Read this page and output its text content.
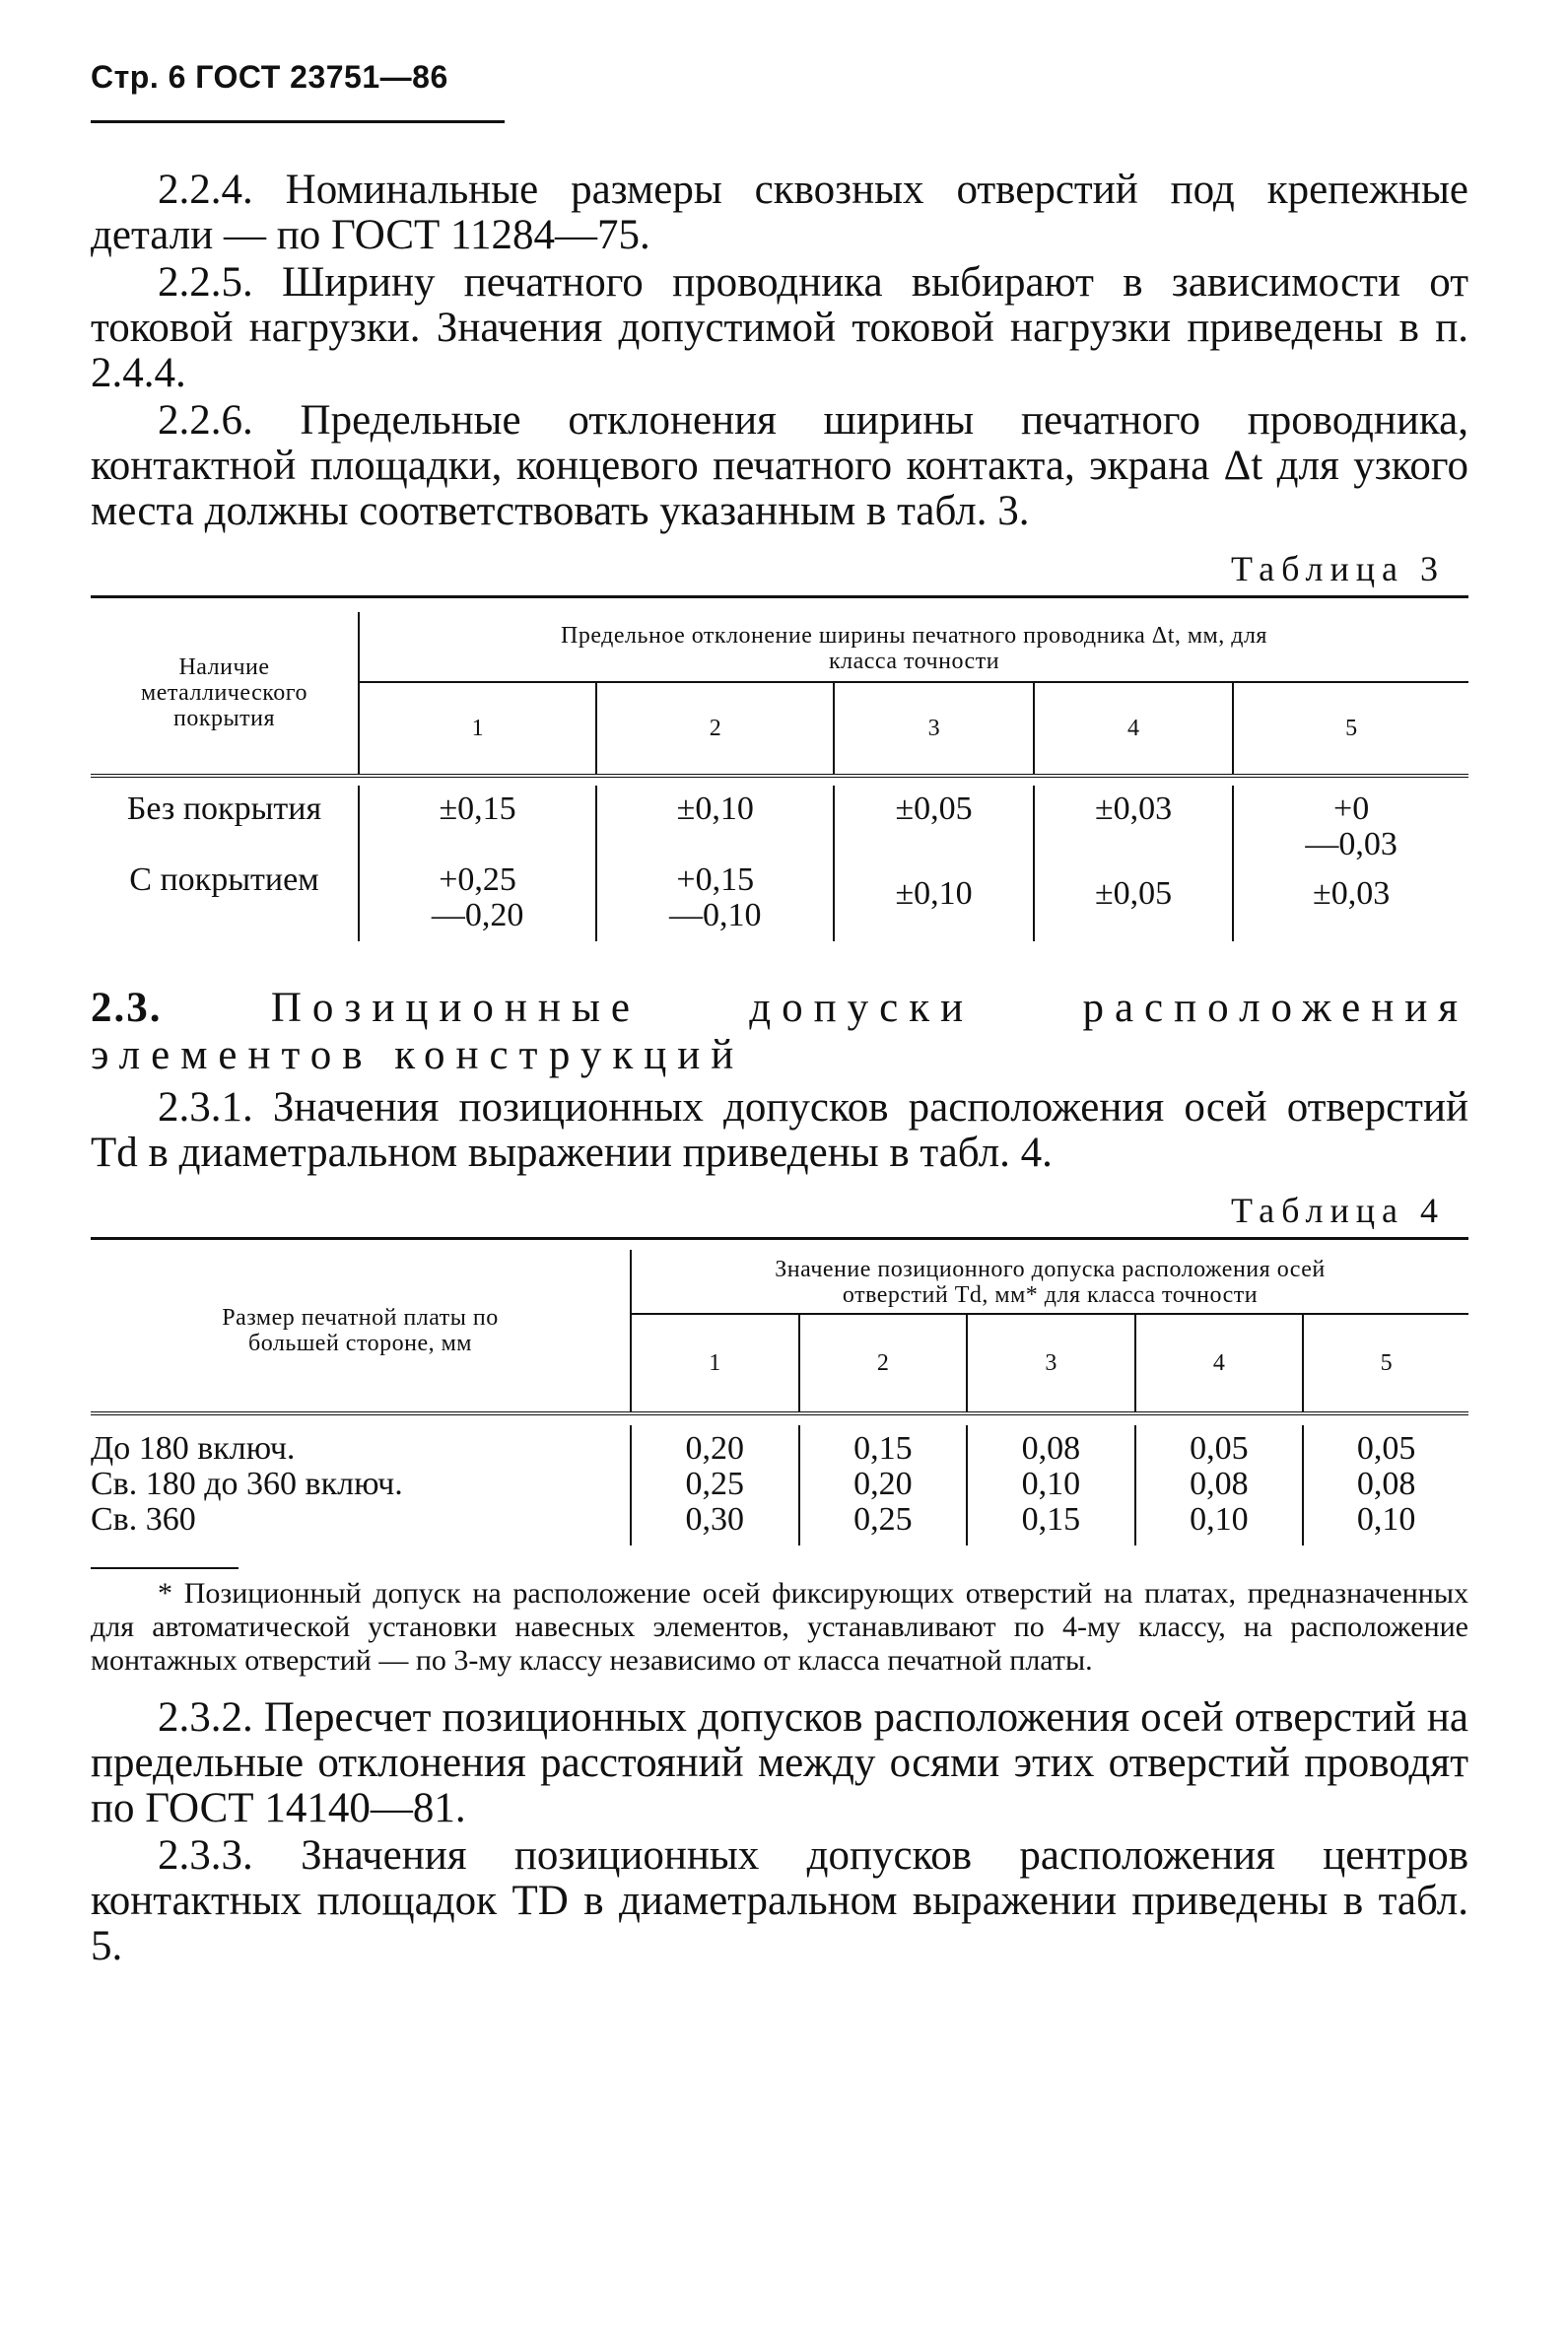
Стр. 6 ГОСТ 23751—86

2.2.4. Номинальные размеры сквозных отверстий под крепежные детали — по ГОСТ 11284—75.

2.2.5. Ширину печатного проводника выбирают в зависимости от токовой нагрузки. Значения допустимой токовой нагрузки приведены в п. 2.4.4.

2.2.6. Предельные отклонения ширины печатного проводника, контактной площадки, концевого печатного контакта, экрана Δt для узкого места должны соответствовать указанным в табл. 3.

Таблица 3

Наличие металлического покрытия	Предельное отклонение ширины печатного проводника Δt, мм, для класса точности				
	1	2	3	4	5

Без покрытия	±0,15	±0,10	±0,05	±0,03	+0
—0,03
С покрытием	+0,25
—0,20	+0,15
—0,10	±0,10	±0,05	±0,03
2.3.	Позиционные допуски расположения элементов конструкций

2.3.1. Значения позиционных допусков расположения осей отверстий Td в диаметральном выражении приведены в табл. 4.

Таблица 4

Размер печатной платы по большей стороне, мм	Значение позиционного допуска расположения осей отверстий Td, мм* для класса точности				
	1	2	3	4	5

До 180 включ.	0,20	0,15	0,08	0,05	0,05
Св. 180 до 360 включ.	0,25	0,20	0,10	0,08	0,08
Св. 360	0,30	0,25	0,15	0,10	0,10

* Позиционный допуск на расположение осей фиксирующих отверстий на платах, предназначенных для автоматической установки навесных элементов, устанавливают по 4-му классу, на расположение монтажных отверстий — по 3-му классу независимо от класса печатной платы.

2.3.2. Пересчет позиционных допусков расположения осей отверстий на предельные отклонения расстояний между осями этих отверстий проводят по ГОСТ 14140—81.

2.3.3. Значения позиционных допусков расположения центров контактных площадок TD в диаметральном выражении приведены в табл. 5.
